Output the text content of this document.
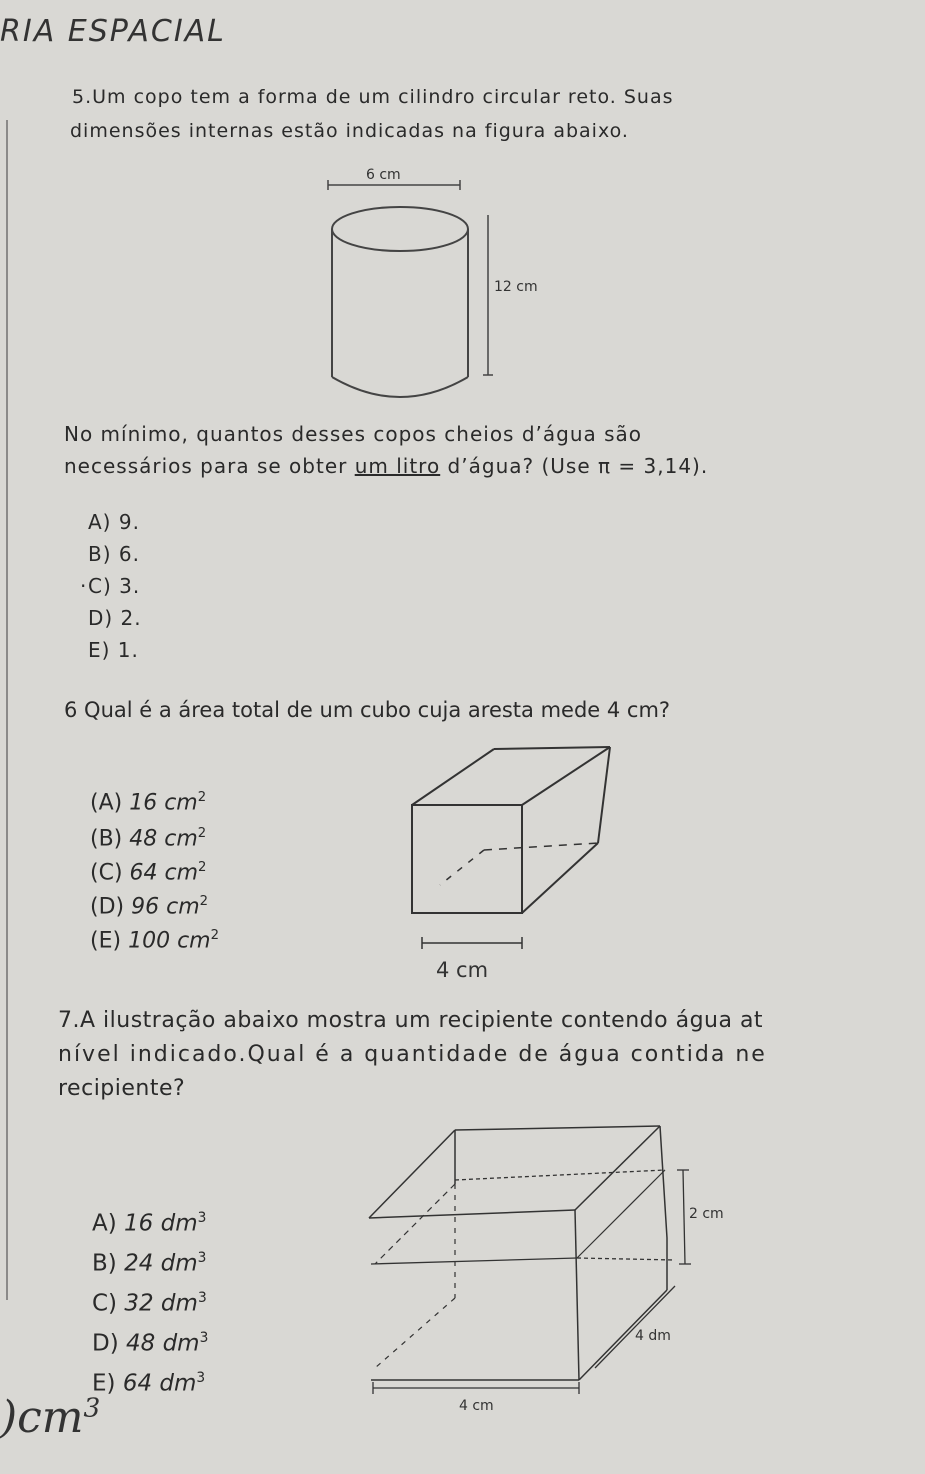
RIA ESPACIAL
5.Um copo tem a forma de um cilindro circular reto. Suas
dimensões internas estão indicadas na figura abaixo.
6 cm
12 cm
No mínimo, quantos desses copos cheios d’água são
necessários para se obter um litro d’água? (Use π = 3,14).
A) 9.
B) 6.
· C) 3.
D) 2.
E) 1.
6 Qual é a área total de um cubo cuja aresta mede 4 cm?
(A) 16 $cm^2$
(B) 48 $cm^2$
(C) 64 $cm^2$
(D) 96 $cm^2$
(E) 100 $cm^2$
4 cm
7.A ilustração abaixo mostra um recipiente contendo água at
nível indicado.Qual é a quantidade de água contida ne
recipiente?
A) 16 $dm^3$
B) 24 $dm^3$
C) 32 $dm^3$
D) 48 $dm^3$
E) 64 $dm^3$
2 cm
4 dm
4 cm
)$cm^3$
